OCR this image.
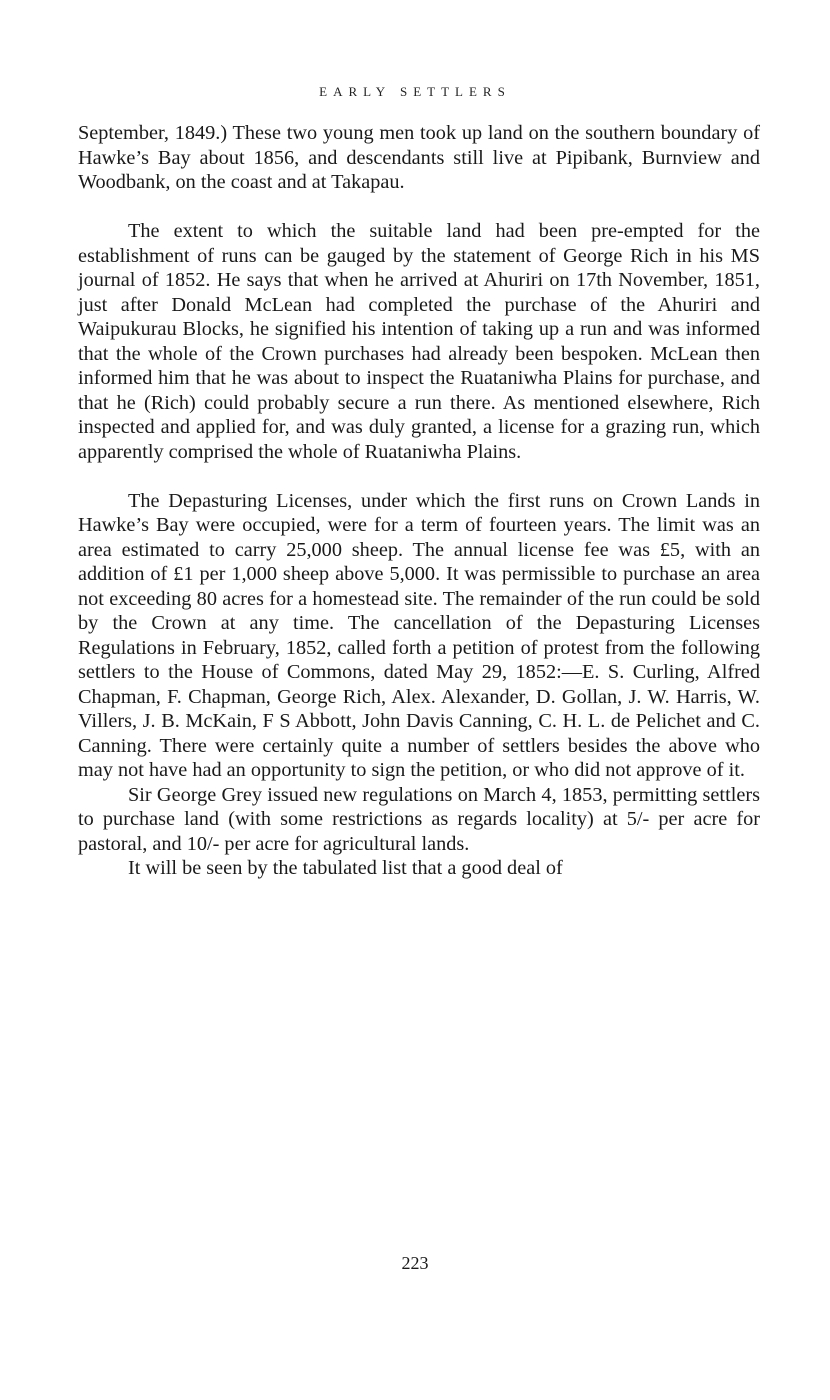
EARLY SETTLERS

September, 1849.) These two young men took up land on the southern boundary of Hawke’s Bay about 1856, and descendants still live at Pipibank, Burnview and Woodbank, on the coast and at Takapau.

The extent to which the suitable land had been pre-empted for the establishment of runs can be gauged by the statement of George Rich in his MS journal of 1852. He says that when he arrived at Ahuriri on 17th November, 1851, just after Donald McLean had completed the purchase of the Ahuriri and Waipukurau Blocks, he signified his intention of taking up a run and was informed that the whole of the Crown purchases had already been bespoken. McLean then informed him that he was about to inspect the Ruataniwha Plains for purchase, and that he (Rich) could probably secure a run there. As mentioned elsewhere, Rich inspected and applied for, and was duly granted, a license for a grazing run, which apparently comprised the whole of Ruataniwha Plains.

The Depasturing Licenses, under which the first runs on Crown Lands in Hawke’s Bay were occupied, were for a term of fourteen years. The limit was an area estimated to carry 25,000 sheep. The annual license fee was £5, with an addition of £1 per 1,000 sheep above 5,000. It was permissible to purchase an area not exceeding 80 acres for a homestead site. The remainder of the run could be sold by the Crown at any time. The cancellation of the Depasturing Licenses Regulations in February, 1852, called forth a petition of protest from the following settlers to the House of Commons, dated May 29, 1852:—E. S. Curling, Alfred Chapman, F. Chapman, George Rich, Alex. Alexander, D. Gollan, J. W. Harris, W. Villers, J. B. McKain, F S Abbott, John Davis Canning, C. H. L. de Pelichet and C. Canning. There were certainly quite a number of settlers besides the above who may not have had an opportunity to sign the petition, or who did not approve of it.

Sir George Grey issued new regulations on March 4, 1853, permitting settlers to purchase land (with some restrictions as regards locality) at 5/- per acre for pastoral, and 10/- per acre for agricultural lands.

It will be seen by the tabulated list that a good deal of

223
